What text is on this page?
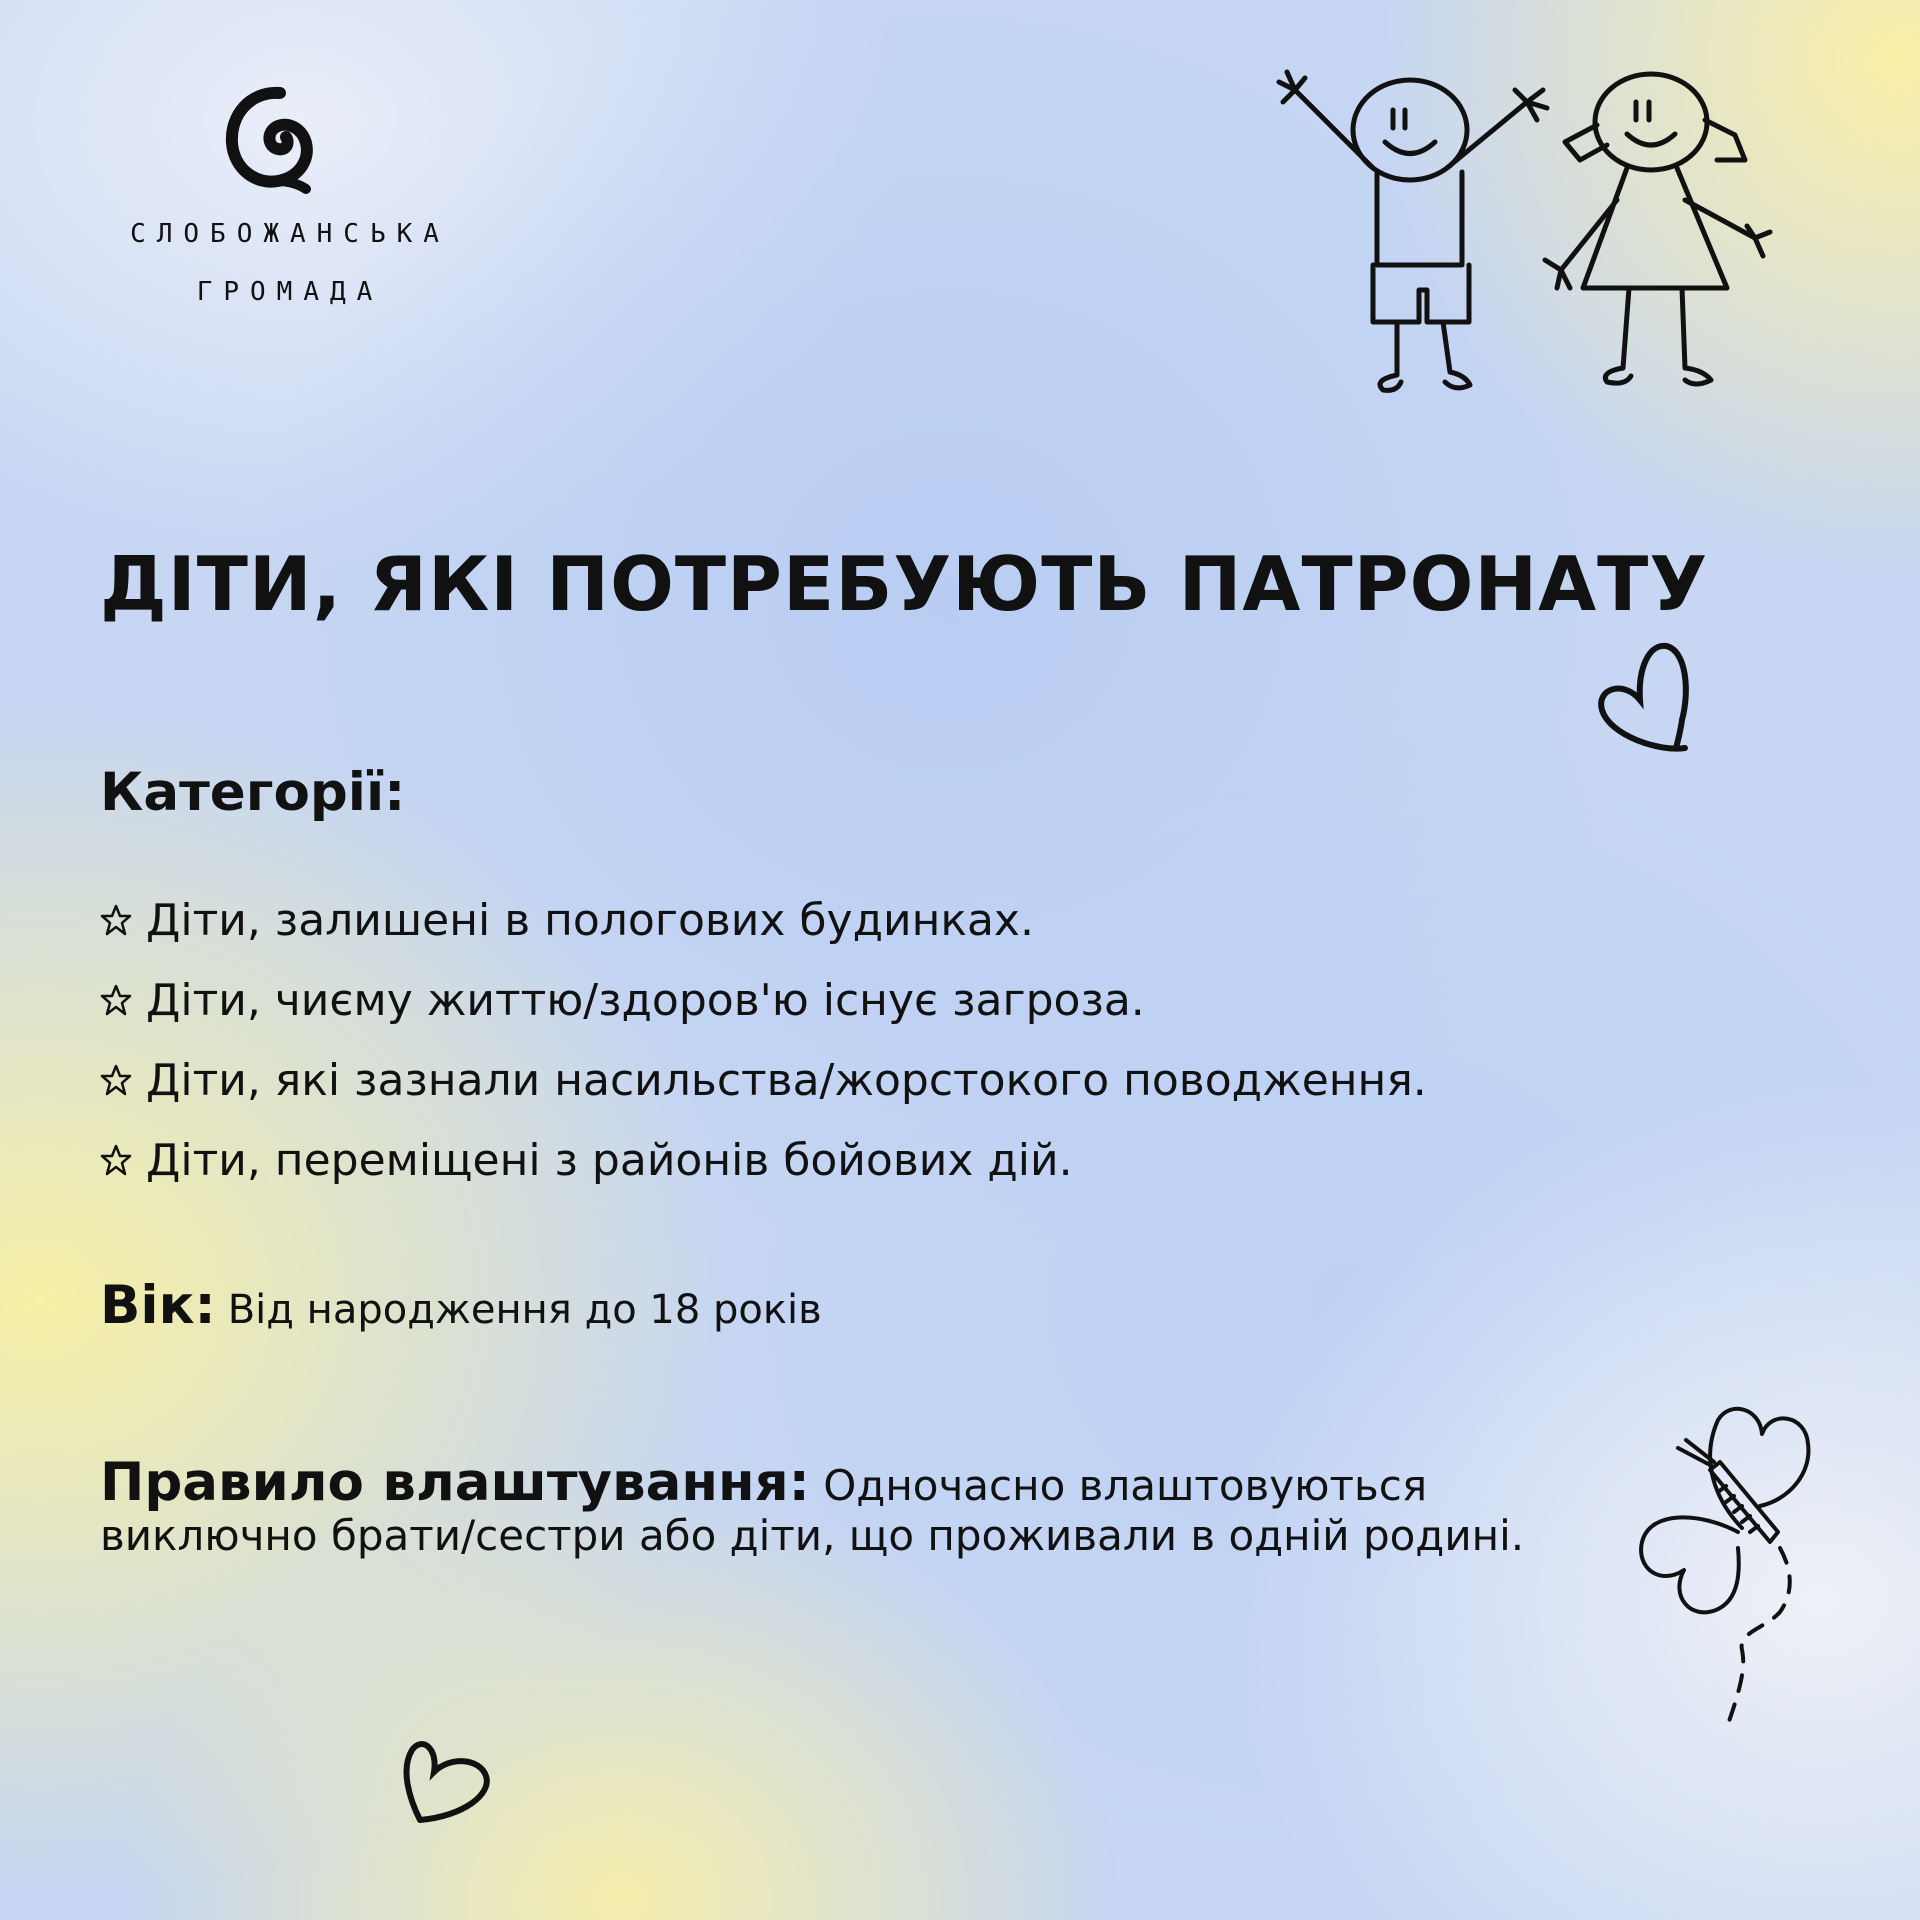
СЛОБОЖАНСЬКА
ГРОМАДА
ДІТИ, ЯКІ ПОТРЕБУЮТЬ ПАТРОНАТУ
Категорії:
Діти, залишені в пологових будинках.
Діти, чиєму життю/здоров'ю існує загроза.
Діти, які зазнали насильства/жорстокого поводження.
Діти, переміщені з районів бойових дій.
Вік: Від народження до 18 років
Правило влаштування: Одночасно влаштовуються виключно брати/сестри або діти, що проживали в одній родині.
